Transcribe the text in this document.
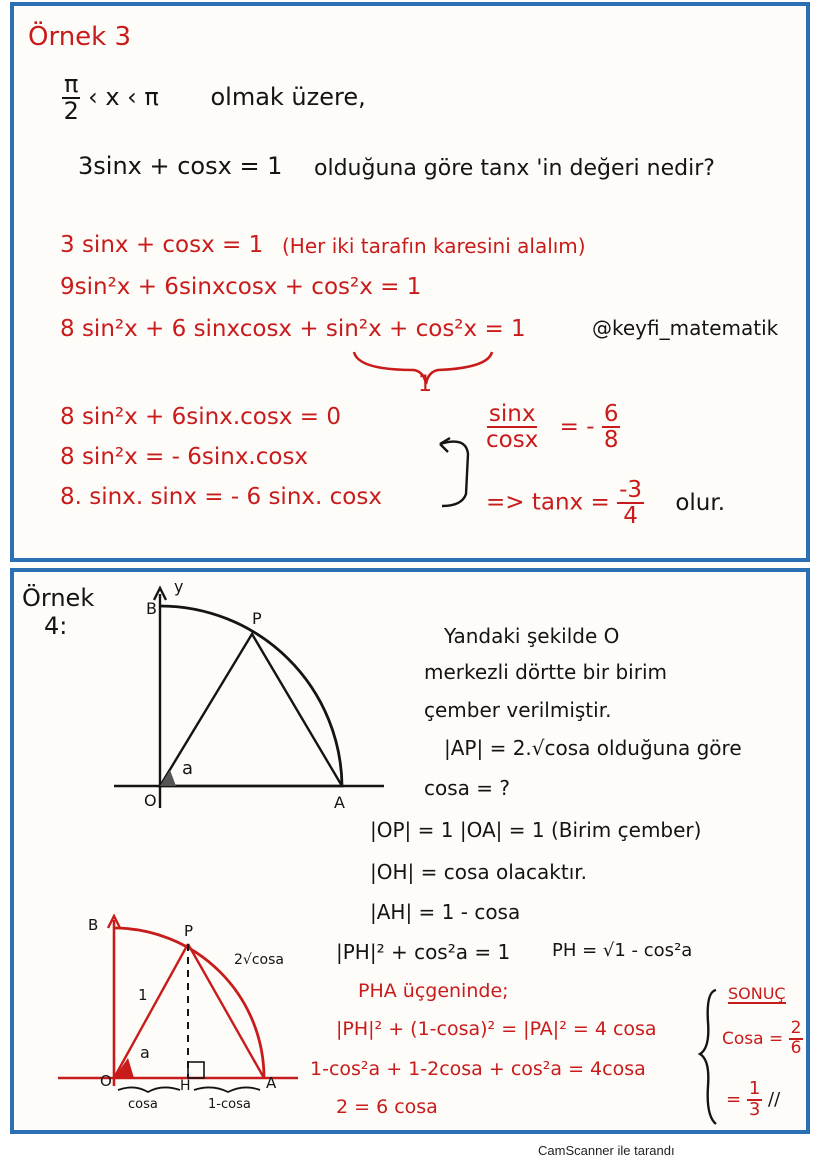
Örnek 3
$\frac{\pi}{2}$ ‹ x ‹ π olmak üzere,
3sinx + cosx = 1 olduğuna göre tanx 'in değeri nedir?
3 sinx + cosx = 1 (Her iki tarafın karesini alalım)
9sin²x + 6sinxcosx + cos²x = 1
8 sin²x + 6 sinxcosx + sin²x + cos²x = 1	@keyfi_matematik
1
8 sin²x + 6sinx.cosx = 0
8 sin²x = - 6sinx.cosx
8. sinx. sinx = - 6 sinx. cosx
$\frac{\sin x}{\cos x}$ = - $\frac{6}{8}$
=> $\tan x = \frac{-3}{4}$ olur.
Örnek
4:
y
B
P
O	A
a
Yandaki şekilde O
merkezli dörtte bir birim
çember verilmiştir.
|AP| = 2.√cosa olduğuna göre
cosa = ?
|OP| = 1 |OA| = 1 (Birim çember)
|OH| = cosa olacaktır.
|AH| = 1 - cosa
|PH|² + cos²a = 1 PH = √1 - cos²a
PHA üçgeninde;
|PH|² + (1-cosa)² = |PA|² = 4 cosa
1-cos²a + 1-2cosa + cos²a = 4cosa
2 = 6 cosa
SONUÇ
Cosa = $\frac{2}{6}$
= $\frac{1}{3}$ //
B	P
O	H	A
1
a
2√cosa
cosa	1-cosa
CamScanner ile tarandı
